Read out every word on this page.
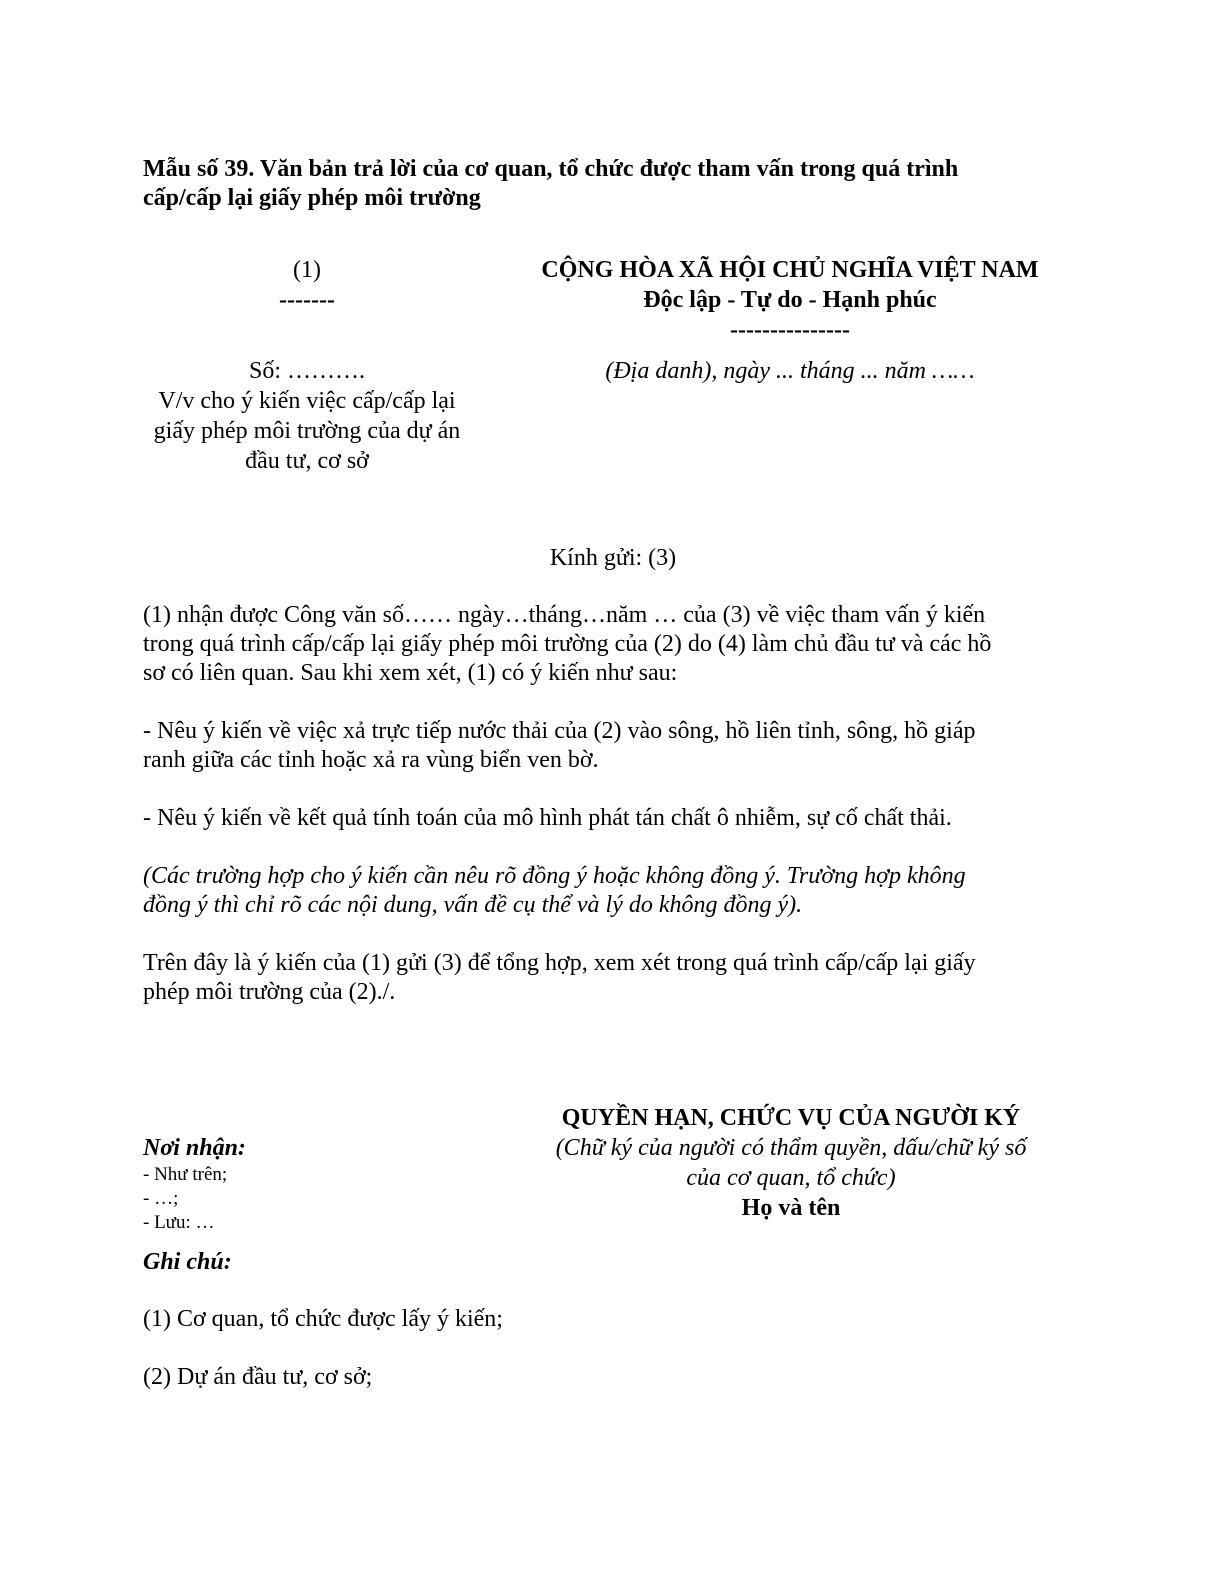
Mẫu số 39. Văn bản trả lời của cơ quan, tổ chức được tham vấn trong quá trình
cấp/cấp lại giấy phép môi trường
(1)
-------
CỘNG HÒA XÃ HỘI CHỦ NGHĨA VIỆT NAM
Độc lập - Tự do - Hạnh phúc
---------------
Số: ……….
V/v cho ý kiến việc cấp/cấp lại
giấy phép môi trường của dự án
đầu tư, cơ sở
(Địa danh), ngày ... tháng ... năm ……
Kính gửi: (3)
(1) nhận được Công văn số…… ngày…tháng…năm … của (3) về việc tham vấn ý kiến
trong quá trình cấp/cấp lại giấy phép môi trường của (2) do (4) làm chủ đầu tư và các hồ
sơ có liên quan. Sau khi xem xét, (1) có ý kiến như sau:
- Nêu ý kiến về việc xả trực tiếp nước thải của (2) vào sông, hồ liên tỉnh, sông, hồ giáp
ranh giữa các tỉnh hoặc xả ra vùng biển ven bờ.
- Nêu ý kiến về kết quả tính toán của mô hình phát tán chất ô nhiễm, sự cố chất thải.
(Các trường hợp cho ý kiến cần nêu rõ đồng ý hoặc không đồng ý. Trường hợp không
đồng ý thì chỉ rõ các nội dung, vấn đề cụ thể và lý do không đồng ý).
Trên đây là ý kiến của (1) gửi (3) để tổng hợp, xem xét trong quá trình cấp/cấp lại giấy
phép môi trường của (2)./.
QUYỀN HẠN, CHỨC VỤ CỦA NGƯỜI KÝ
(Chữ ký của người có thẩm quyền, dấu/chữ ký số
của cơ quan, tổ chức)
Họ và tên
Nơi nhận:
- Như trên;
- …;
- Lưu: …
Ghi chú:
(1) Cơ quan, tổ chức được lấy ý kiến;
(2) Dự án đầu tư, cơ sở;
